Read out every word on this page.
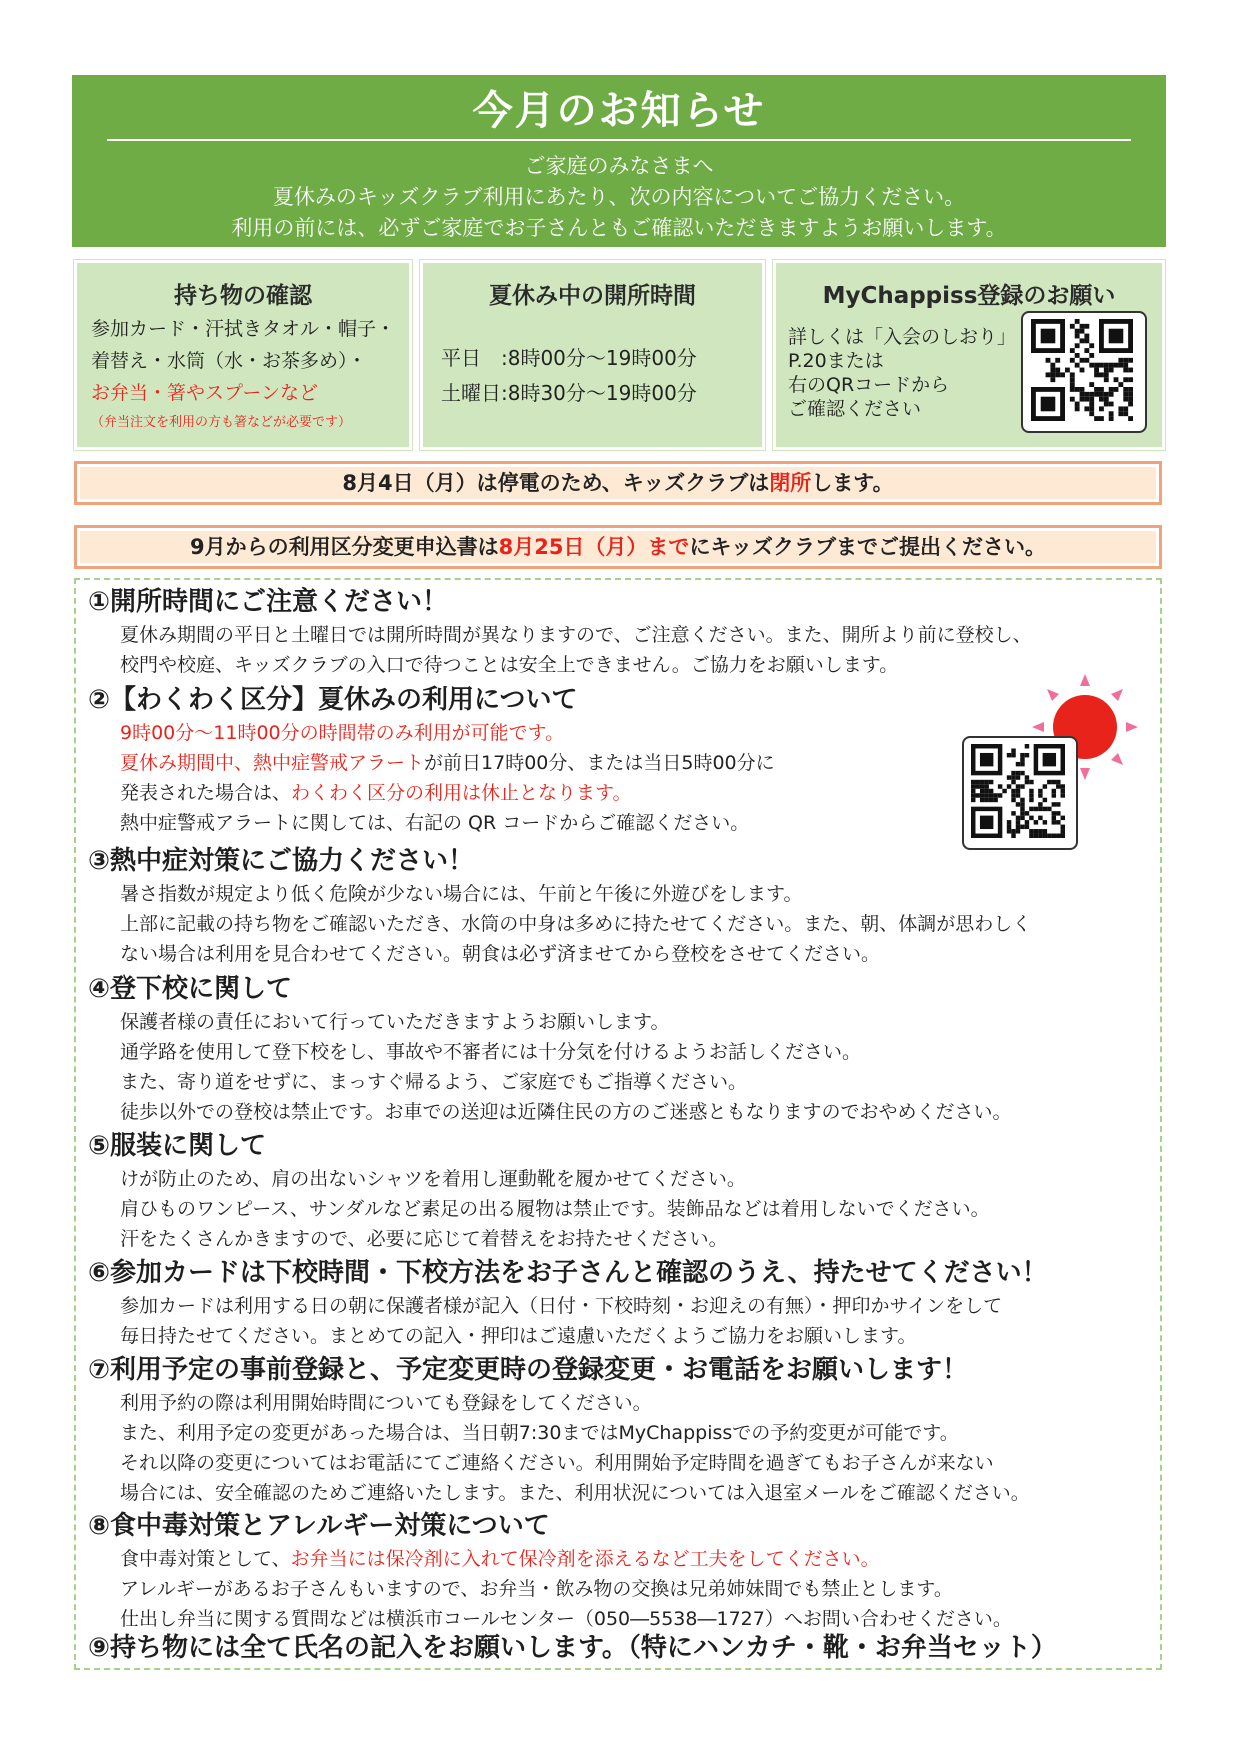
今月のお知らせ
ご家庭のみなさまへ
夏休みのキッズクラブ利用にあたり、次の内容についてご協力ください。
利用の前には、必ずご家庭でお子さんともご確認いただきますようお願いします。
持ち物の確認
参加カード・汗拭きタオル・帽子・
着替え・水筒（水・お茶多め）・
お弁当・箸やスプーンなど
（弁当注文を利用の方も箸などが必要です）
夏休み中の開所時間
平日　:8時00分～19時00分
土曜日:8時30分～19時00分
MyChappiss登録のお願い
詳しくは「入会のしおり」
P.20または
右のQRコードから
ご確認ください
8月4日（月）は停電のため、キッズクラブは閉所します。
9月からの利用区分変更申込書は8月25日（月）までにキッズクラブまでご提出ください。
①開所時間にご注意ください！
夏休み期間の平日と土曜日では開所時間が異なりますので、ご注意ください。また、開所より前に登校し、
校門や校庭、キッズクラブの入口で待つことは安全上できません。ご協力をお願いします。
②【わくわく区分】夏休みの利用について
9時00分～11時00分の時間帯のみ利用が可能です。
夏休み期間中、熱中症警戒アラートが前日17時00分、または当日5時00分に
発表された場合は、わくわく区分の利用は休止となります。
熱中症警戒アラートに関しては、右記の QR コードからご確認ください。
③熱中症対策にご協力ください！
暑さ指数が規定より低く危険が少ない場合には、午前と午後に外遊びをします。
上部に記載の持ち物をご確認いただき、水筒の中身は多めに持たせてください。また、朝、体調が思わしく
ない場合は利用を見合わせてください。朝食は必ず済ませてから登校をさせてください。
④登下校に関して
保護者様の責任において行っていただきますようお願いします。
通学路を使用して登下校をし、事故や不審者には十分気を付けるようお話しください。
また、寄り道をせずに、まっすぐ帰るよう、ご家庭でもご指導ください。
徒歩以外での登校は禁止です。お車での送迎は近隣住民の方のご迷惑ともなりますのでおやめください。
⑤服装に関して
けが防止のため、肩の出ないシャツを着用し運動靴を履かせてください。
肩ひものワンピース、サンダルなど素足の出る履物は禁止です。装飾品などは着用しないでください。
汗をたくさんかきますので、必要に応じて着替えをお持たせください。
⑥参加カードは下校時間・下校方法をお子さんと確認のうえ、持たせてください！
参加カードは利用する日の朝に保護者様が記入（日付・下校時刻・お迎えの有無）・押印かサインをして
毎日持たせてください。まとめての記入・押印はご遠慮いただくようご協力をお願いします。
⑦利用予定の事前登録と、予定変更時の登録変更・お電話をお願いします！
利用予約の際は利用開始時間についても登録をしてください。
また、利用予定の変更があった場合は、当日朝7:30まではMyChappissでの予約変更が可能です。
それ以降の変更についてはお電話にてご連絡ください。利用開始予定時間を過ぎてもお子さんが来ない
場合には、安全確認のためご連絡いたします。また、利用状況については入退室メールをご確認ください。
⑧食中毒対策とアレルギー対策について
食中毒対策として、お弁当には保冷剤に入れて保冷剤を添えるなど工夫をしてください。
アレルギーがあるお子さんもいますので、お弁当・飲み物の交換は兄弟姉妹間でも禁止とします。
仕出し弁当に関する質問などは横浜市コールセンター（050―5538―1727）へお問い合わせください。
⑨持ち物には全て氏名の記入をお願いします。（特にハンカチ・靴・お弁当セット）
